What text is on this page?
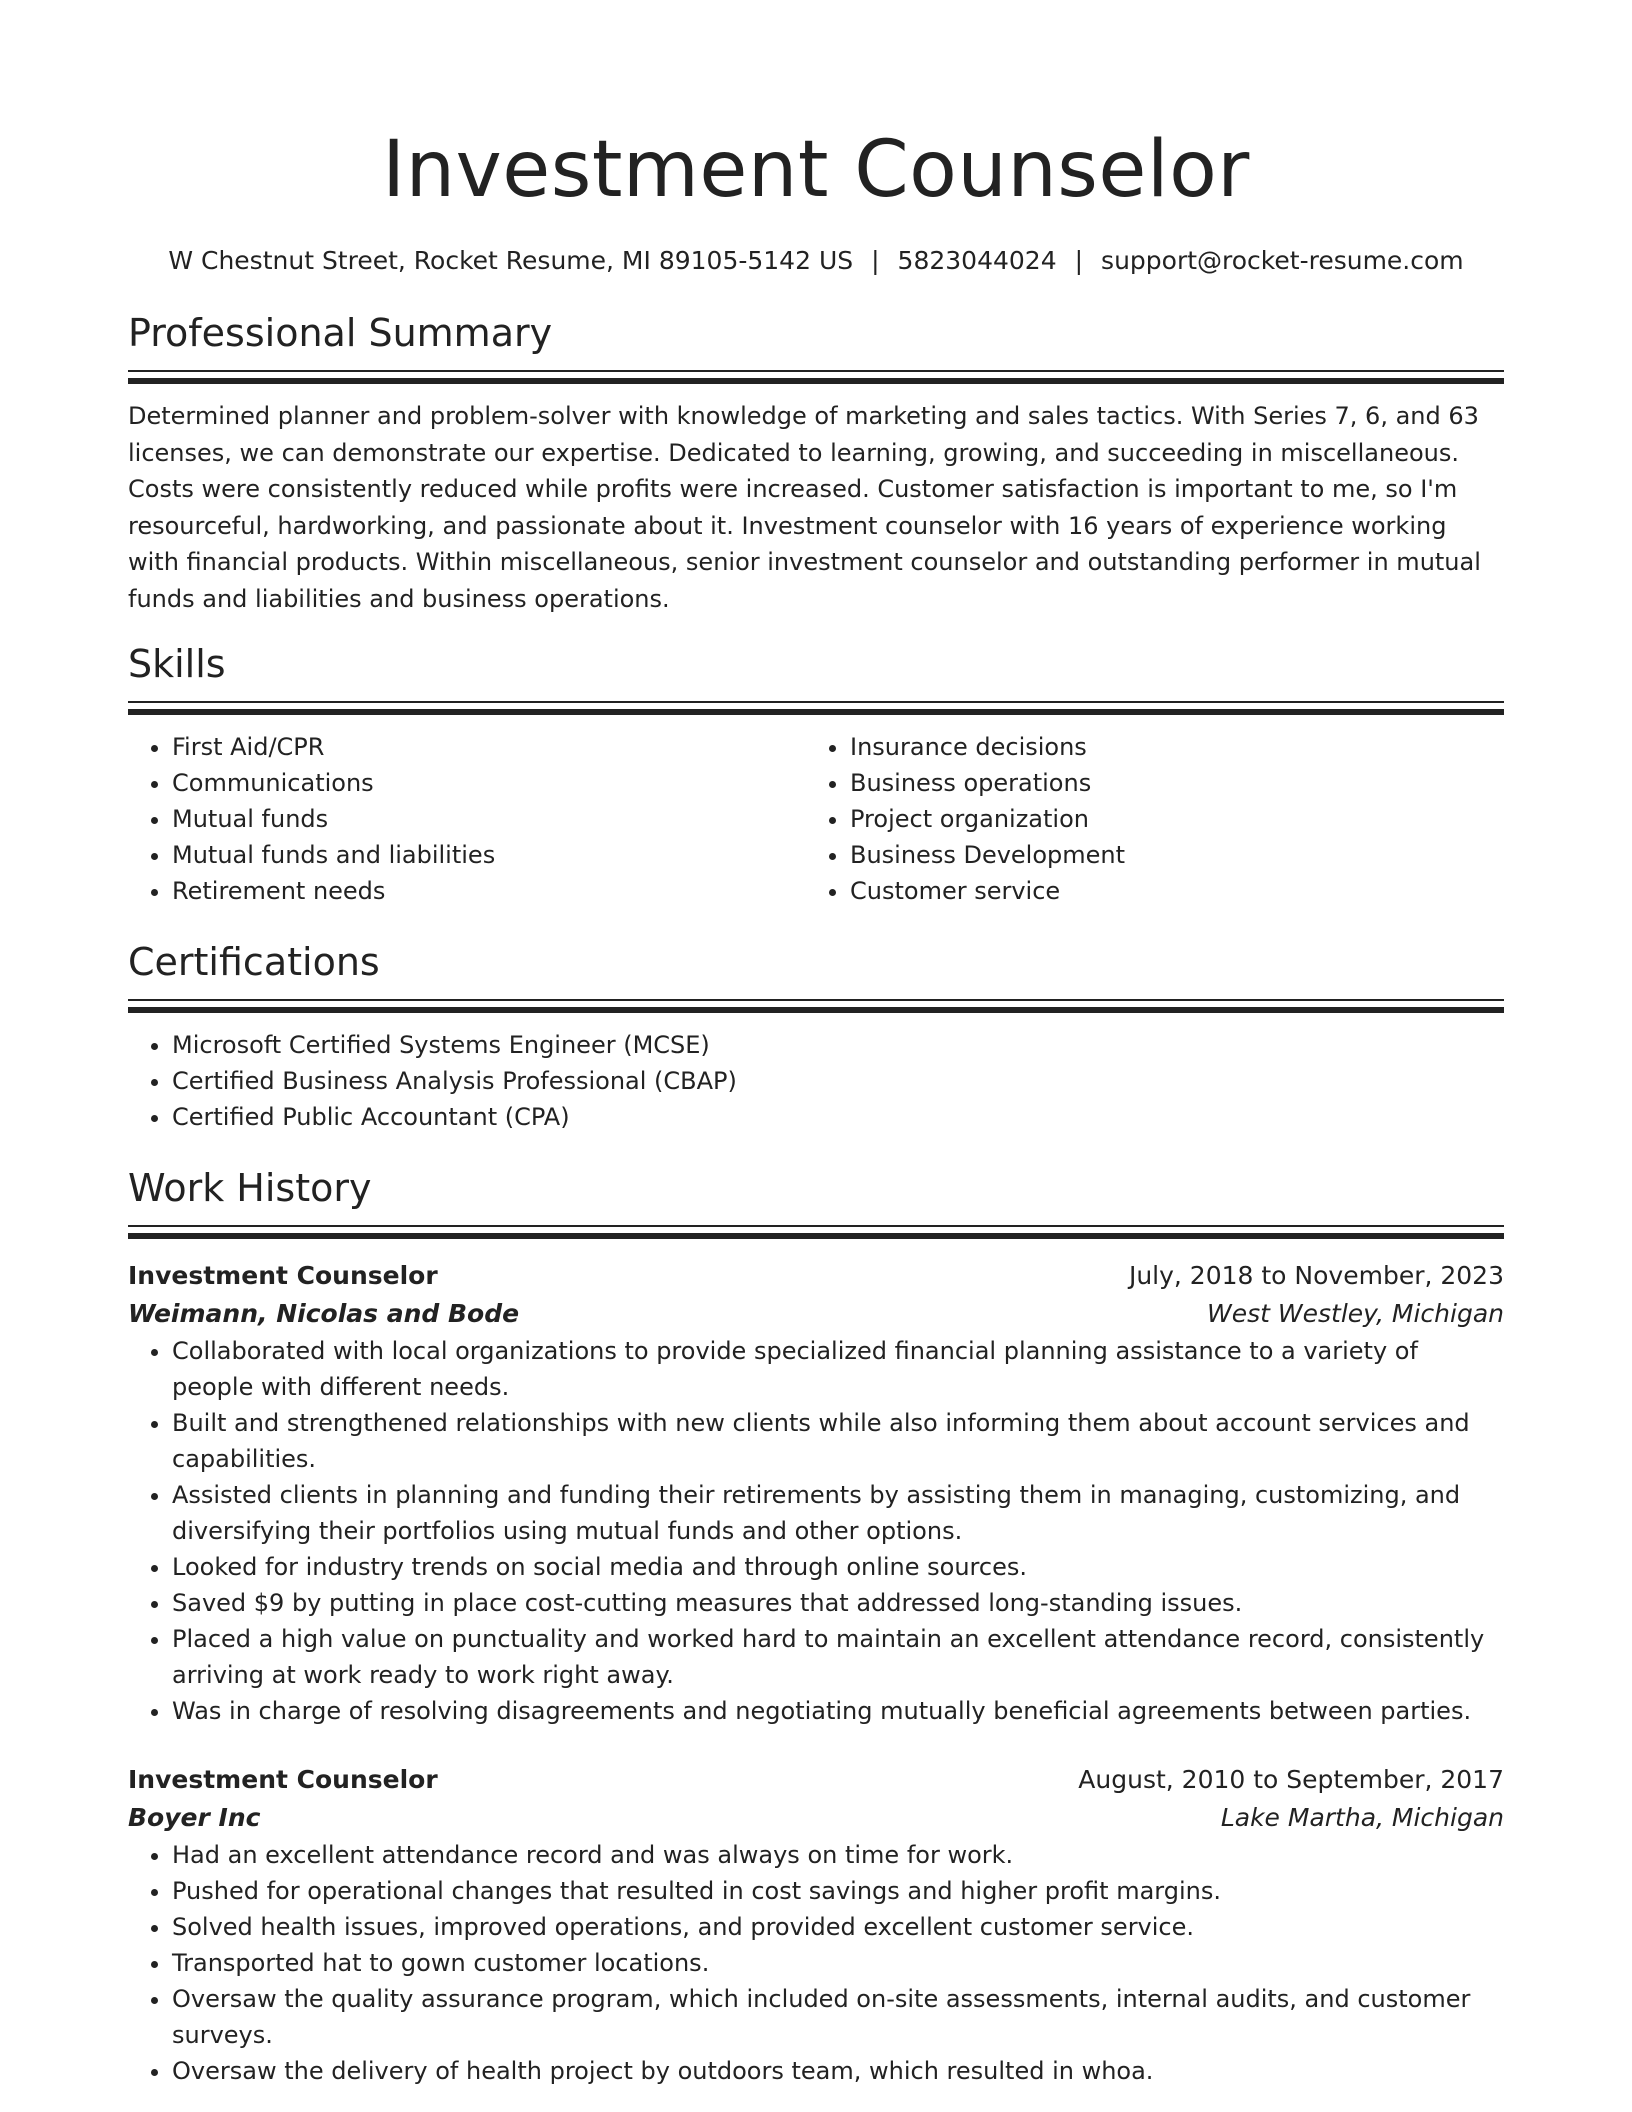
Investment Counselor
W Chestnut Street, Rocket Resume, MI 89105-5142 US | 5823044024 | support@rocket-resume.com
Professional Summary

Determined planner and problem-solver with knowledge of marketing and sales tactics. With Series 7, 6, and 63 licenses, we can demonstrate our expertise. Dedicated to learning, growing, and succeeding in miscellaneous. Costs were consistently reduced while profits were increased. Customer satisfaction is important to me, so I'm resourceful, hardworking, and passionate about it. Investment counselor with 16 years of experience working with financial products. Within miscellaneous, senior investment counselor and outstanding performer in mutual funds and liabilities and business operations.

Skills
• First Aid/CPR
• Communications
• Mutual funds
• Mutual funds and liabilities
• Retirement needs
• Insurance decisions
• Business operations
• Project organization
• Business Development
• Customer service
Certifications
• Microsoft Certified Systems Engineer (MCSE)
• Certified Business Analysis Professional (CBAP)
• Certified Public Accountant (CPA)
Work History
Investment Counselor	July, 2018 to November, 2023
Weimann, Nicolas and Bode	West Westley, Michigan
• Collaborated with local organizations to provide specialized financial planning assistance to a variety of people with different needs.
• Built and strengthened relationships with new clients while also informing them about account services and capabilities.
• Assisted clients in planning and funding their retirements by assisting them in managing, customizing, and diversifying their portfolios using mutual funds and other options.
• Looked for industry trends on social media and through online sources.
• Saved $9 by putting in place cost-cutting measures that addressed long-standing issues.
• Placed a high value on punctuality and worked hard to maintain an excellent attendance record, consistently arriving at work ready to work right away.
• Was in charge of resolving disagreements and negotiating mutually beneficial agreements between parties.
Investment Counselor	August, 2010 to September, 2017
Boyer Inc	Lake Martha, Michigan
• Had an excellent attendance record and was always on time for work.
• Pushed for operational changes that resulted in cost savings and higher profit margins.
• Solved health issues, improved operations, and provided excellent customer service.
• Transported hat to gown customer locations.
• Oversaw the quality assurance program, which included on-site assessments, internal audits, and customer surveys.
• Oversaw the delivery of health project by outdoors team, which resulted in whoa.
